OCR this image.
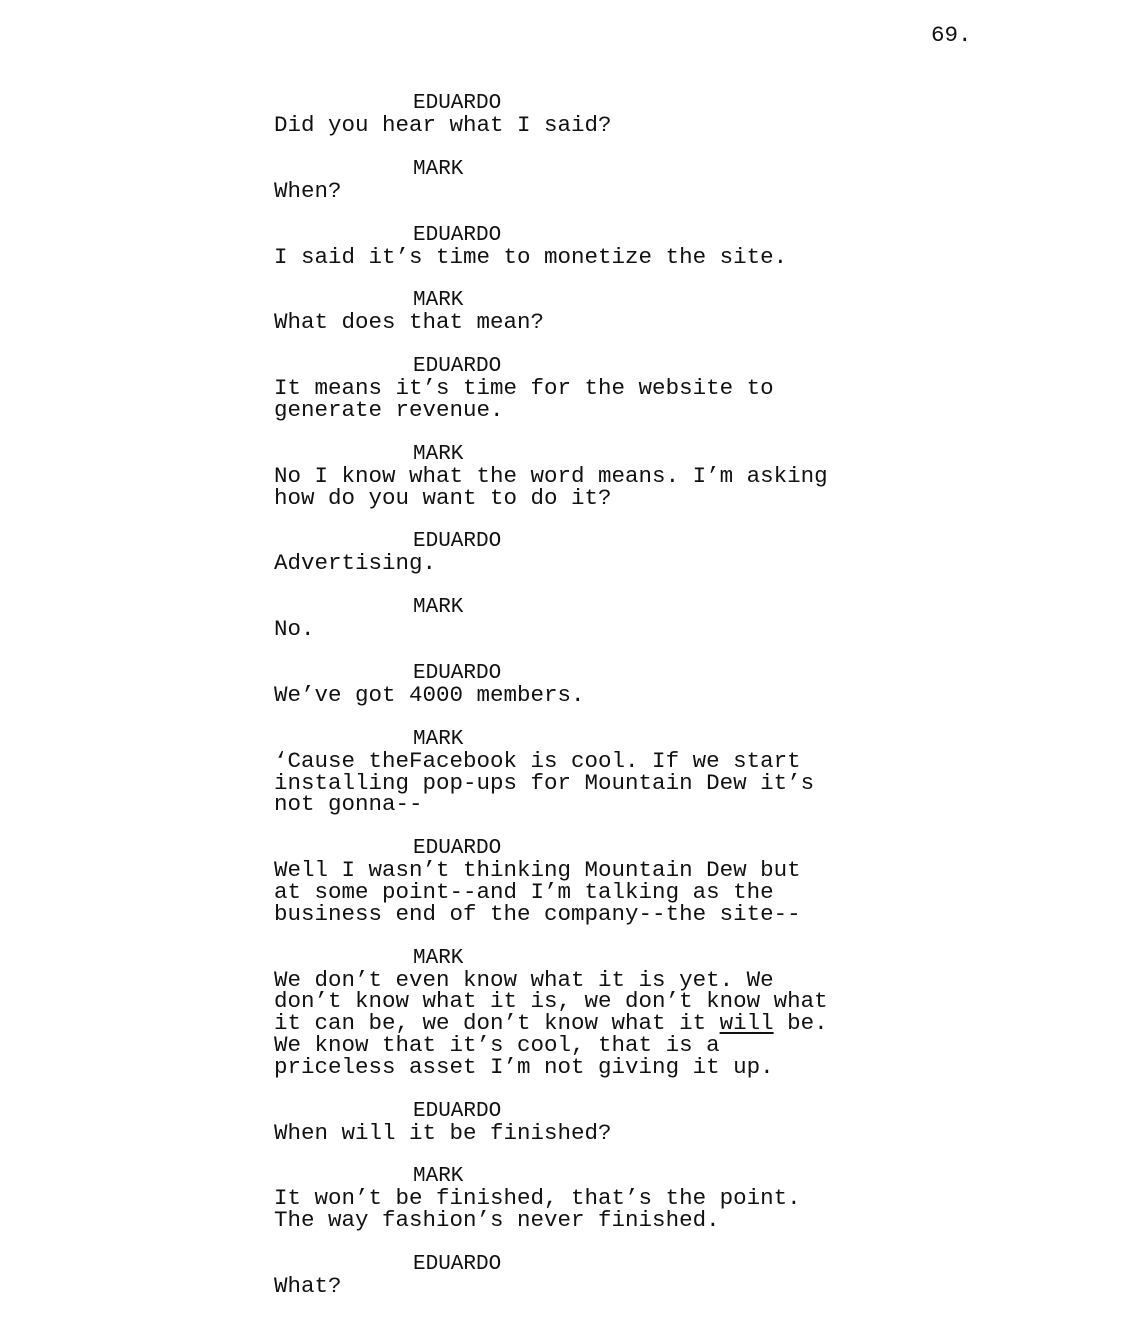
69.
EDUARDO
Did you hear what I said?
MARK
When?
EDUARDO
I said it’s time to monetize the site.
MARK
What does that mean?
EDUARDO
It means it’s time for the website to
generate revenue.
MARK
No I know what the word means. I’m asking
how do you want to do it?
EDUARDO
Advertising.
MARK
No.
EDUARDO
We’ve got 4000 members.
MARK
‘Cause theFacebook is cool. If we start
installing pop-ups for Mountain Dew it’s
not gonna--
EDUARDO
Well I wasn’t thinking Mountain Dew but
at some point--and I’m talking as the
business end of the company--the site--
MARK
We don’t even know what it is yet. We
don’t know what it is, we don’t know what
it can be, we don’t know what it will be.
We know that it’s cool, that is a
priceless asset I’m not giving it up.
EDUARDO
When will it be finished?
MARK
It won’t be finished, that’s the point.
The way fashion’s never finished.
EDUARDO
What?
